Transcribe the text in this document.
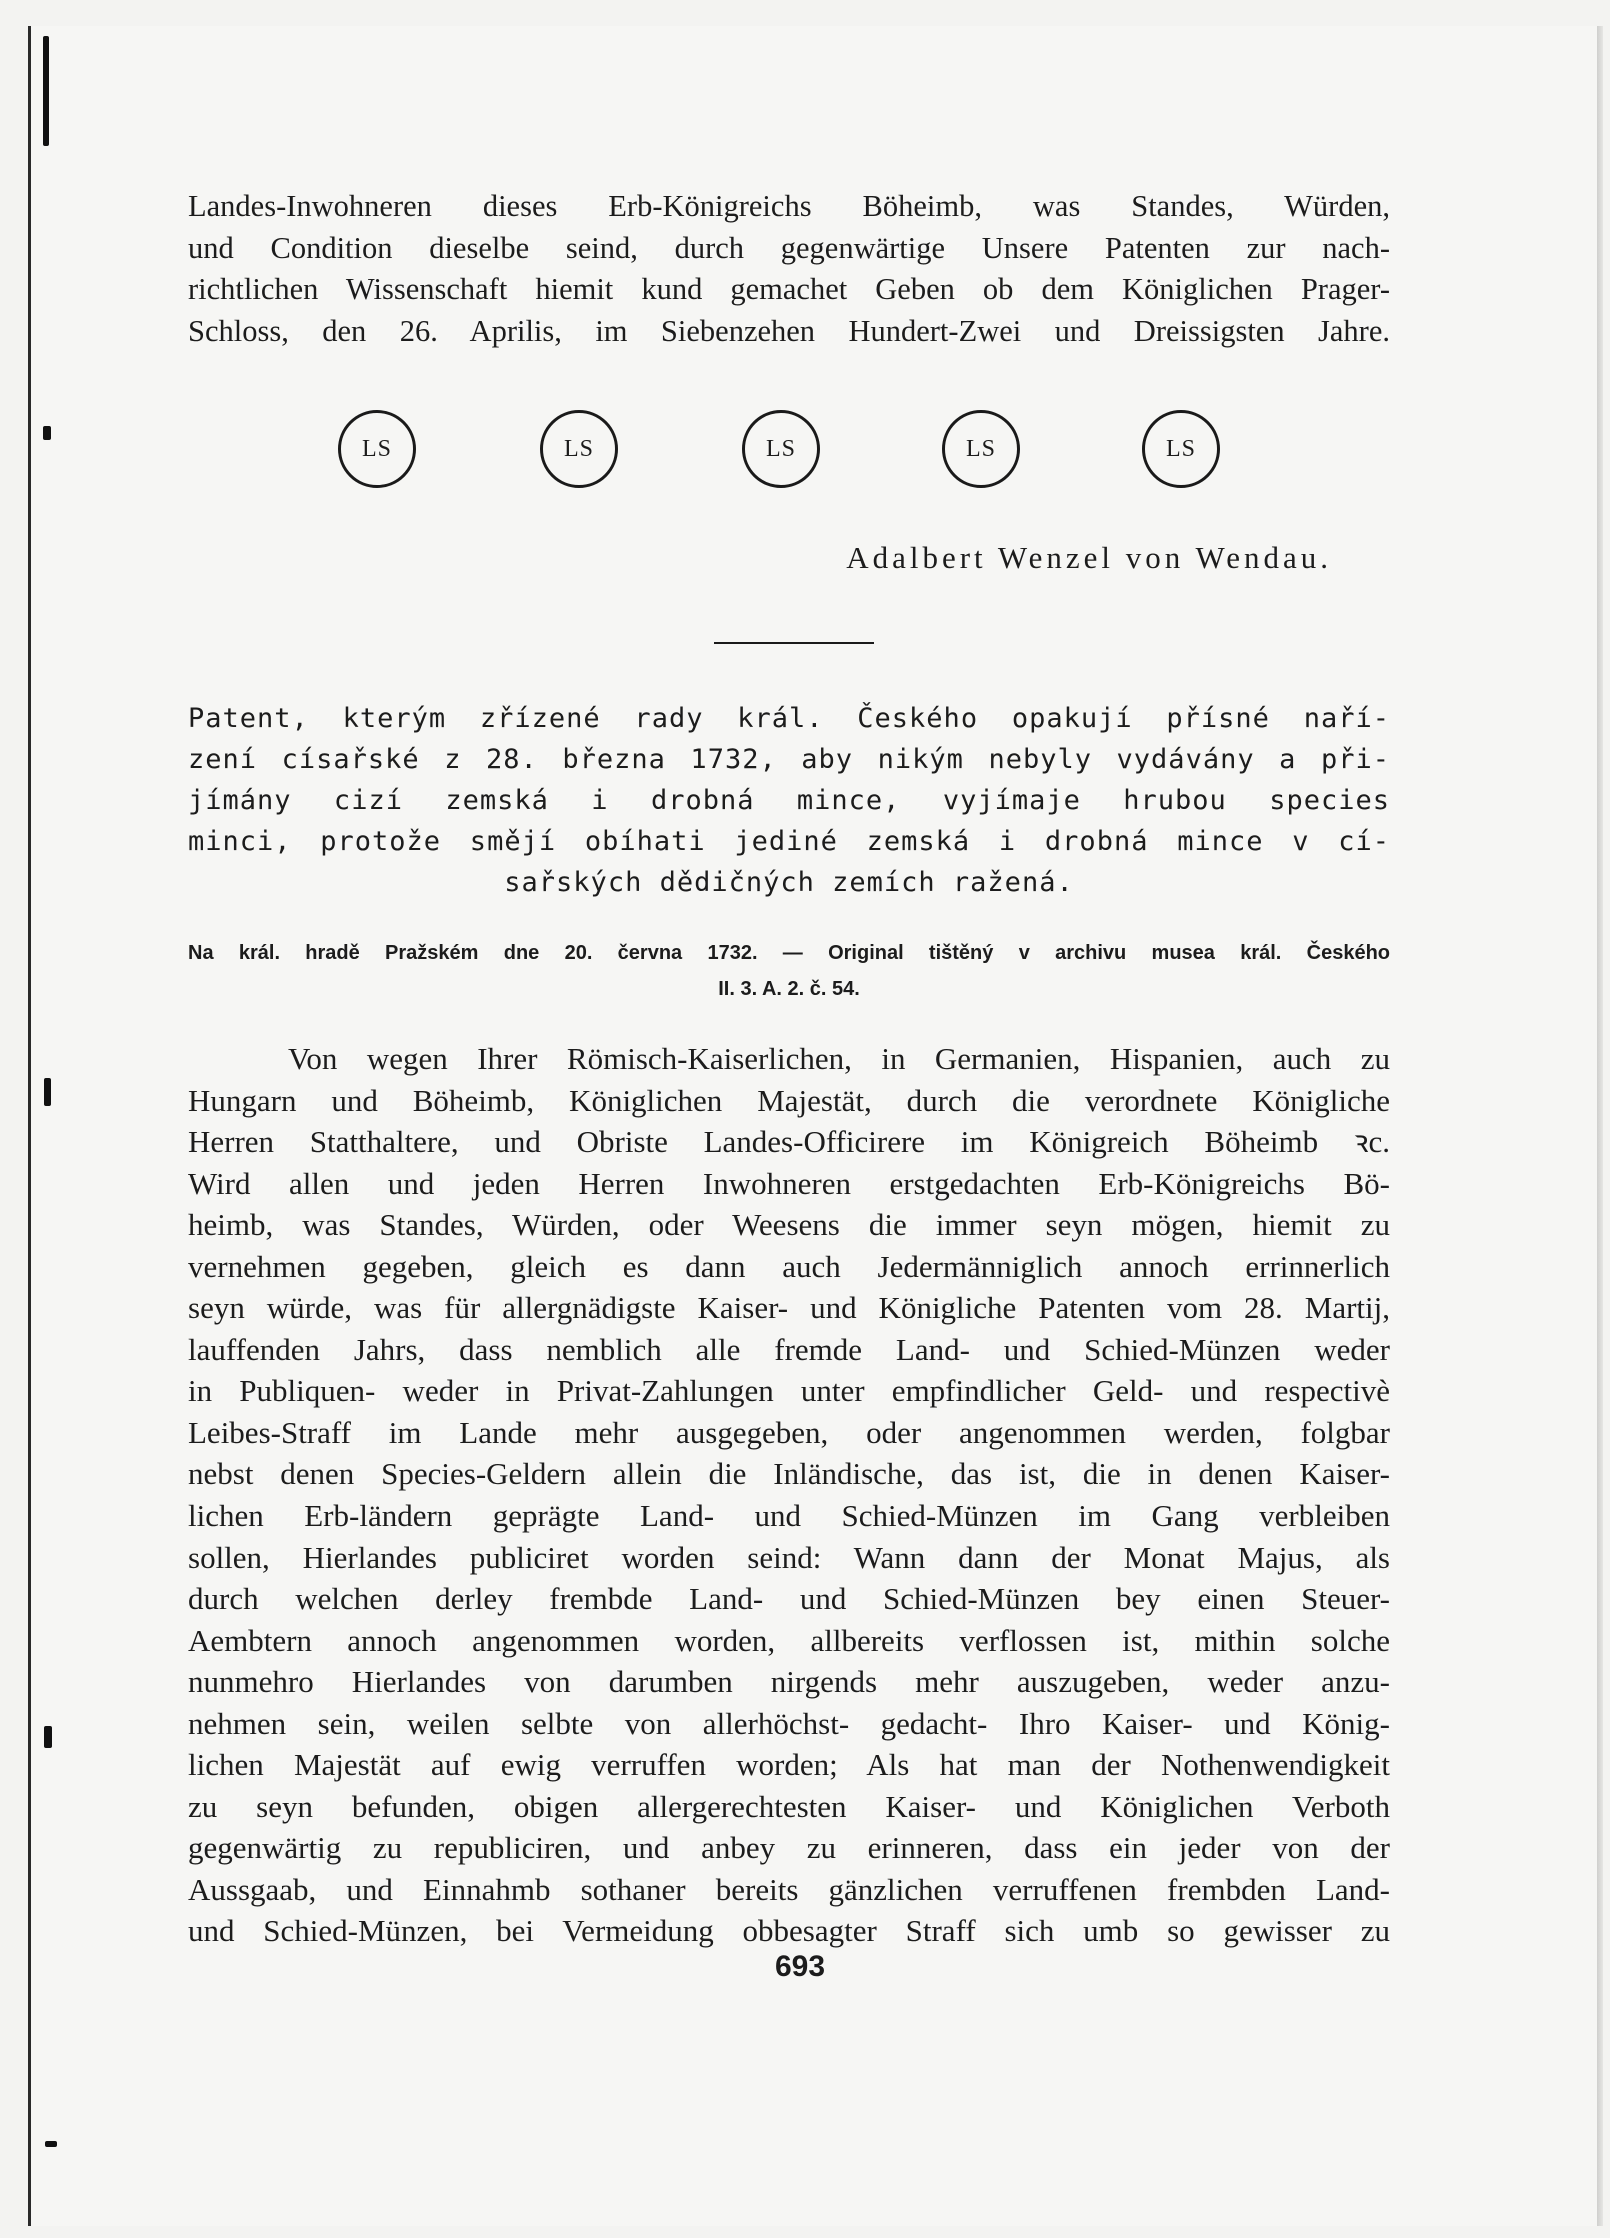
Landes-Inwohneren dieses Erb-Königreichs Böheimb, was Standes, Würden,
und Condition dieselbe seind, durch gegenwärtige Unsere Patenten zur nach-
richtlichen Wissenschaft hiemit kund gemachet Geben ob dem Königlichen Prager-
Schloss, den 26. Aprilis, im Siebenzehen Hundert-Zwei und Dreissigsten Jahre.
LS	LS	LS	LS	LS
Adalbert Wenzel von Wendau.
Patent, kterým zřízené rady král. Českého opakují přísné naří-
zení císařské z 28. března 1732, aby nikým nebyly vydávány a při-
jímány cizí zemská i drobná mince, vyjímaje hrubou species
minci, protože smějí obíhati jediné zemská i drobná mince v cí-
sařských dědičných zemích ražená.
Na král. hradě Pražském dne 20. června 1732. — Original tištěný v archivu musea král. Českého
II. 3. A. 2. č. 54.
Von wegen Ihrer Römisch-Kaiserlichen, in Germanien, Hispanien, auch zu
Hungarn und Böheimb, Königlichen Majestät, durch die verordnete Königliche
Herren Statthaltere, und Obriste Landes-Officirere im Königreich Böheimb ꝛc.
Wird allen und jeden Herren Inwohneren erstgedachten Erb-Königreichs Bö-
heimb, was Standes, Würden, oder Weesens die immer seyn mögen, hiemit zu
vernehmen gegeben, gleich es dann auch Jedermänniglich annoch errinnerlich
seyn würde, was für allergnädigste Kaiser- und Königliche Patenten vom 28. Martij,
lauffenden Jahrs, dass nemblich alle fremde Land- und Schied-Münzen weder
in Publiquen- weder in Privat-Zahlungen unter empfindlicher Geld- und respectivè
Leibes-Straff im Lande mehr ausgegeben, oder angenommen werden, folgbar
nebst denen Species-Geldern allein die Inländische, das ist, die in denen Kaiser-
lichen Erb-ländern geprägte Land- und Schied-Münzen im Gang verbleiben
sollen, Hierlandes publiciret worden seind: Wann dann der Monat Majus, als
durch welchen derley frembde Land- und Schied-Münzen bey einen Steuer-
Aembtern annoch angenommen worden, allbereits verflossen ist, mithin solche
nunmehro Hierlandes von darumben nirgends mehr auszugeben, weder anzu-
nehmen sein, weilen selbte von allerhöchst- gedacht- Ihro Kaiser- und König-
lichen Majestät auf ewig verruffen worden; Als hat man der Nothenwendigkeit
zu seyn befunden, obigen allergerechtesten Kaiser- und Königlichen Verboth
gegenwärtig zu republiciren, und anbey zu erinneren, dass ein jeder von der
Aussgaab, und Einnahmb sothaner bereits gänzlichen verruffenen frembden Land-
und Schied-Münzen, bei Vermeidung obbesagter Straff sich umb so gewisser zu
693
